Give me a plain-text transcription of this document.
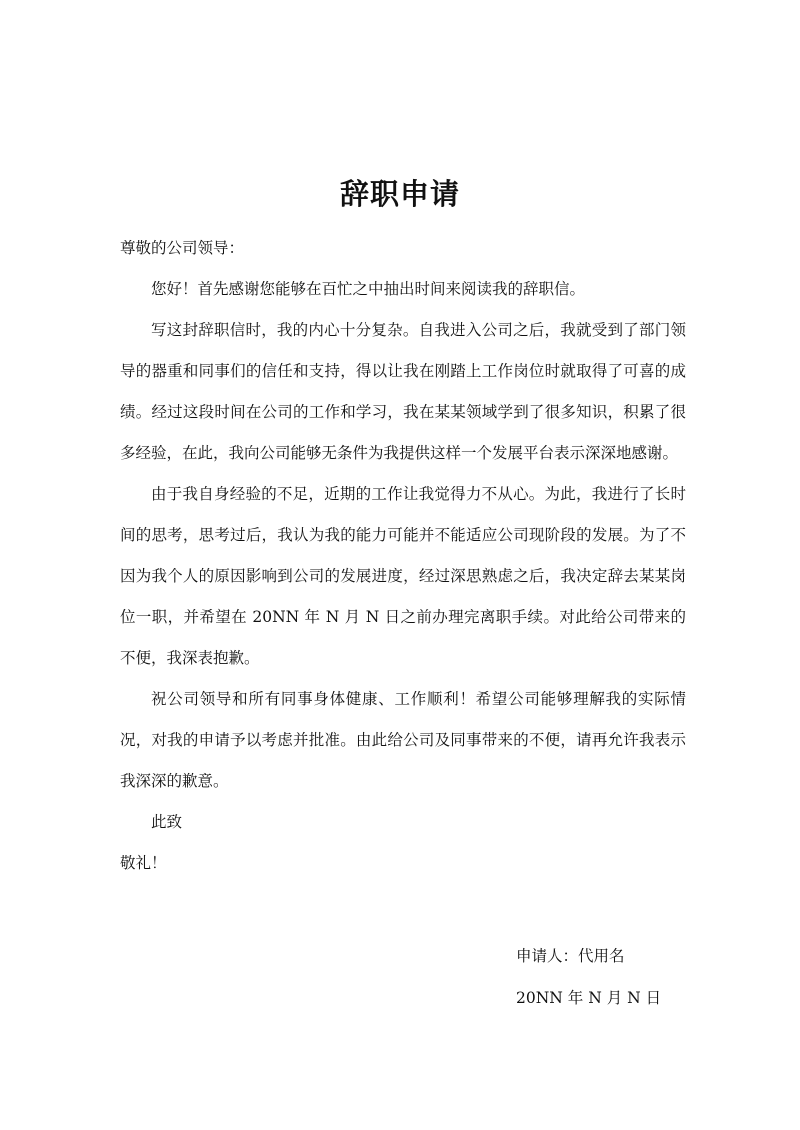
辞职申请

尊敬的公司领导：

您好！首先感谢您能够在百忙之中抽出时间来阅读我的辞职信。

写这封辞职信时，我的内心十分复杂。自我进入公司之后，我就受到了部门领导的器重和同事们的信任和支持，得以让我在刚踏上工作岗位时就取得了可喜的成绩。经过这段时间在公司的工作和学习，我在某某领域学到了很多知识，积累了很多经验，在此，我向公司能够无条件为我提供这样一个发展平台表示深深地感谢。

由于我自身经验的不足，近期的工作让我觉得力不从心。为此，我进行了长时间的思考，思考过后，我认为我的能力可能并不能适应公司现阶段的发展。为了不因为我个人的原因影响到公司的发展进度，经过深思熟虑之后，我决定辞去某某岗位一职，并希望在 20NN 年 N 月 N 日之前办理完离职手续。对此给公司带来的不便，我深表抱歉。

祝公司领导和所有同事身体健康、工作顺利！希望公司能够理解我的实际情况，对我的申请予以考虑并批准。由此给公司及同事带来的不便，请再允许我表示我深深的歉意。

此致

敬礼！

申请人：代用名
20NN 年 N 月 N 日
